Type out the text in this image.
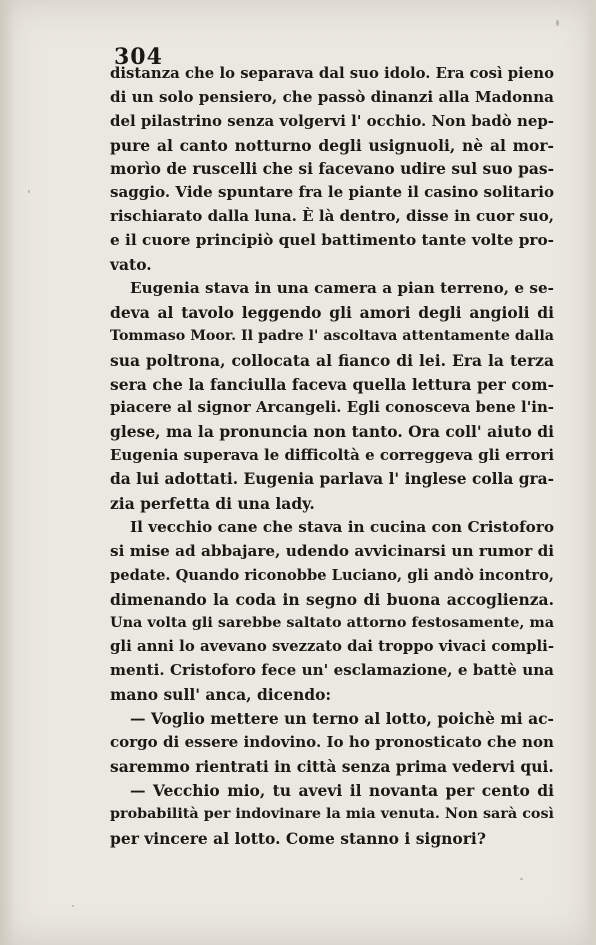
304
distanza che lo separava dal suo idolo. Era così pieno
di un solo pensiero, che passò dinanzi alla Madonna
del pilastrino senza volgervi l' occhio. Non badò nep-
pure al canto notturno degli usignuoli, nè al mor-
morìo de ruscelli che si facevano udire sul suo pas-
saggio. Vide spuntare fra le piante il casino solitario
rischiarato dalla luna. È là dentro, disse in cuor suo,
e il cuore principiò quel battimento tante volte pro-
vato.
Eugenia stava in una camera a pian terreno, e se-
deva al tavolo leggendo gli amori degli angioli di
Tommaso Moor. Il padre l' ascoltava attentamente dalla
sua poltrona, collocata al fianco di lei. Era la terza
sera che la fanciulla faceva quella lettura per com-
piacere al signor Arcangeli. Egli conosceva bene l'in-
glese, ma la pronuncia non tanto. Ora coll' aiuto di
Eugenia superava le difficoltà e correggeva gli errori
da lui adottati. Eugenia parlava l' inglese colla gra-
zia perfetta di una lady.
Il vecchio cane che stava in cucina con Cristoforo
si mise ad abbajare, udendo avvicinarsi un rumor di
pedate. Quando riconobbe Luciano, gli andò incontro,
dimenando la coda in segno di buona accoglienza.
Una volta gli sarebbe saltato attorno festosamente, ma
gli anni lo avevano svezzato dai troppo vivaci compli-
menti. Cristoforo fece un' esclamazione, e battè una
mano sull' anca, dicendo:
— Voglio mettere un terno al lotto, poichè mi ac-
corgo di essere indovino. Io ho pronosticato che non
saremmo rientrati in città senza prima vedervi qui.
— Vecchio mio, tu avevi il novanta per cento di
probabilità per indovinare la mia venuta. Non sarà così
per vincere al lotto. Come stanno i signori?
